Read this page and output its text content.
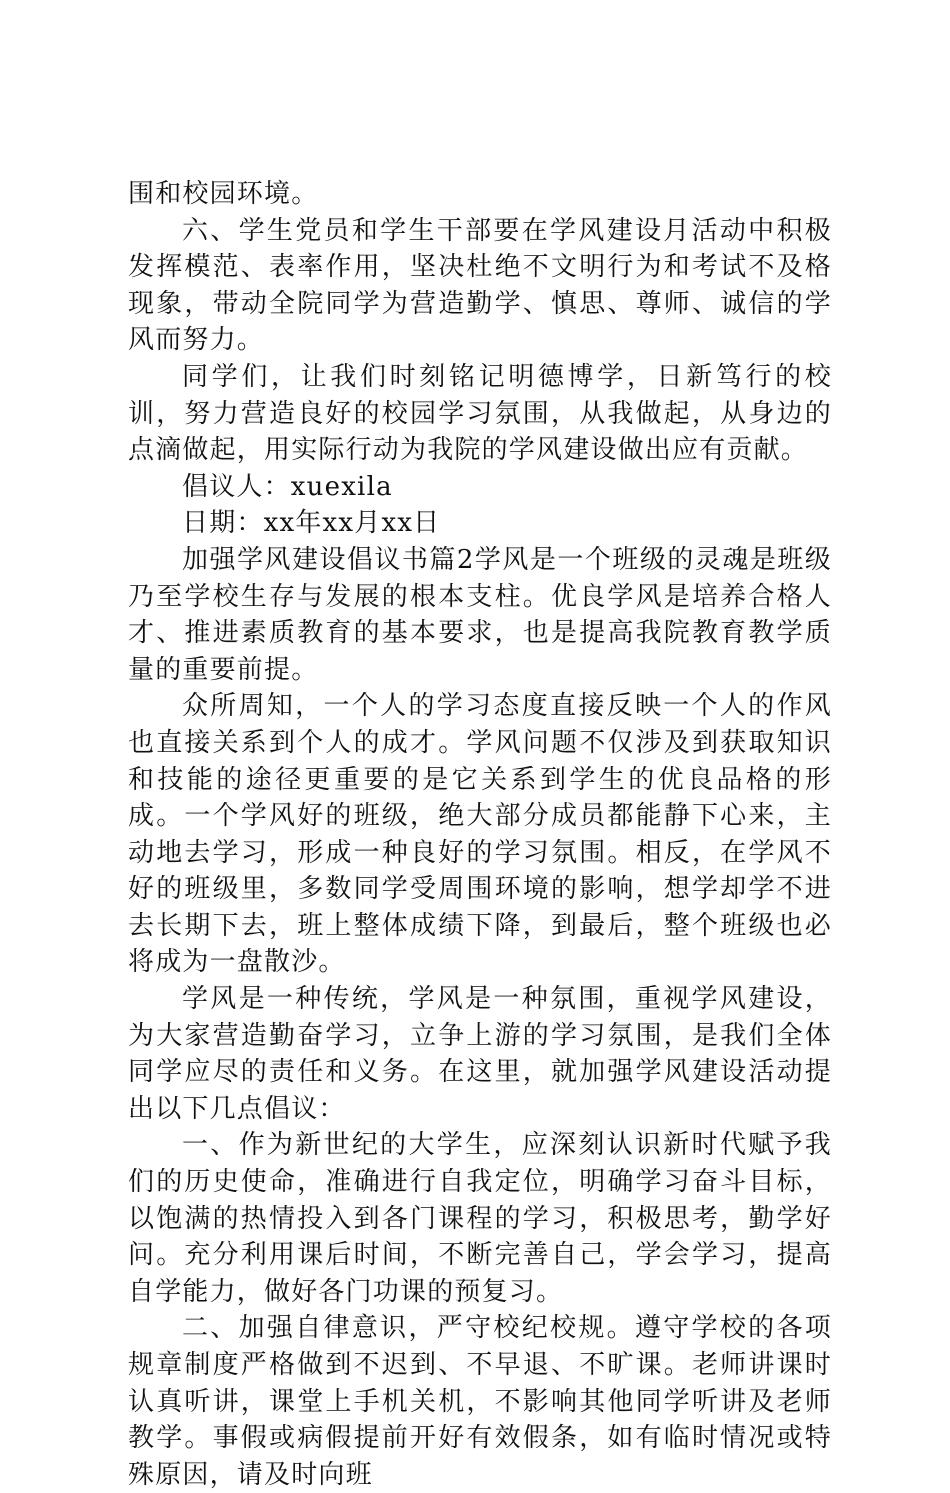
围和校园环境。

六、学生党员和学生干部要在学风建设月活动中积极发挥模范、表率作用，坚决杜绝不文明行为和考试不及格现象，带动全院同学为营造勤学、慎思、尊师、诚信的学风而努力。

同学们，让我们时刻铭记明德博学，日新笃行的校训，努力营造良好的校园学习氛围，从我做起，从身边的点滴做起，用实际行动为我院的学风建设做出应有贡献。

倡议人：xuexila

日期：xx年xx月xx日

加强学风建设倡议书篇2学风是一个班级的灵魂是班级乃至学校生存与发展的根本支柱。优良学风是培养合格人才、推进素质教育的基本要求，也是提高我院教育教学质量的重要前提。

众所周知，一个人的学习态度直接反映一个人的作风也直接关系到个人的成才。学风问题不仅涉及到获取知识和技能的途径更重要的是它关系到学生的优良品格的形成。一个学风好的班级，绝大部分成员都能静下心来，主动地去学习，形成一种良好的学习氛围。相反，在学风不好的班级里，多数同学受周围环境的影响，想学却学不进去长期下去，班上整体成绩下降，到最后，整个班级也必将成为一盘散沙。

学风是一种传统，学风是一种氛围，重视学风建设，为大家营造勤奋学习，立争上游的学习氛围，是我们全体同学应尽的责任和义务。在这里，就加强学风建设活动提出以下几点倡议：

一、作为新世纪的大学生，应深刻认识新时代赋予我们的历史使命，准确进行自我定位，明确学习奋斗目标，以饱满的热情投入到各门课程的学习，积极思考，勤学好问。充分利用课后时间，不断完善自己，学会学习，提高自学能力，做好各门功课的预复习。

二、加强自律意识，严守校纪校规。遵守学校的各项规章制度严格做到不迟到、不早退、不旷课。老师讲课时认真听讲，课堂上手机关机，不影响其他同学听讲及老师教学。事假或病假提前开好有效假条，如有临时情况或特殊原因，请及时向班
